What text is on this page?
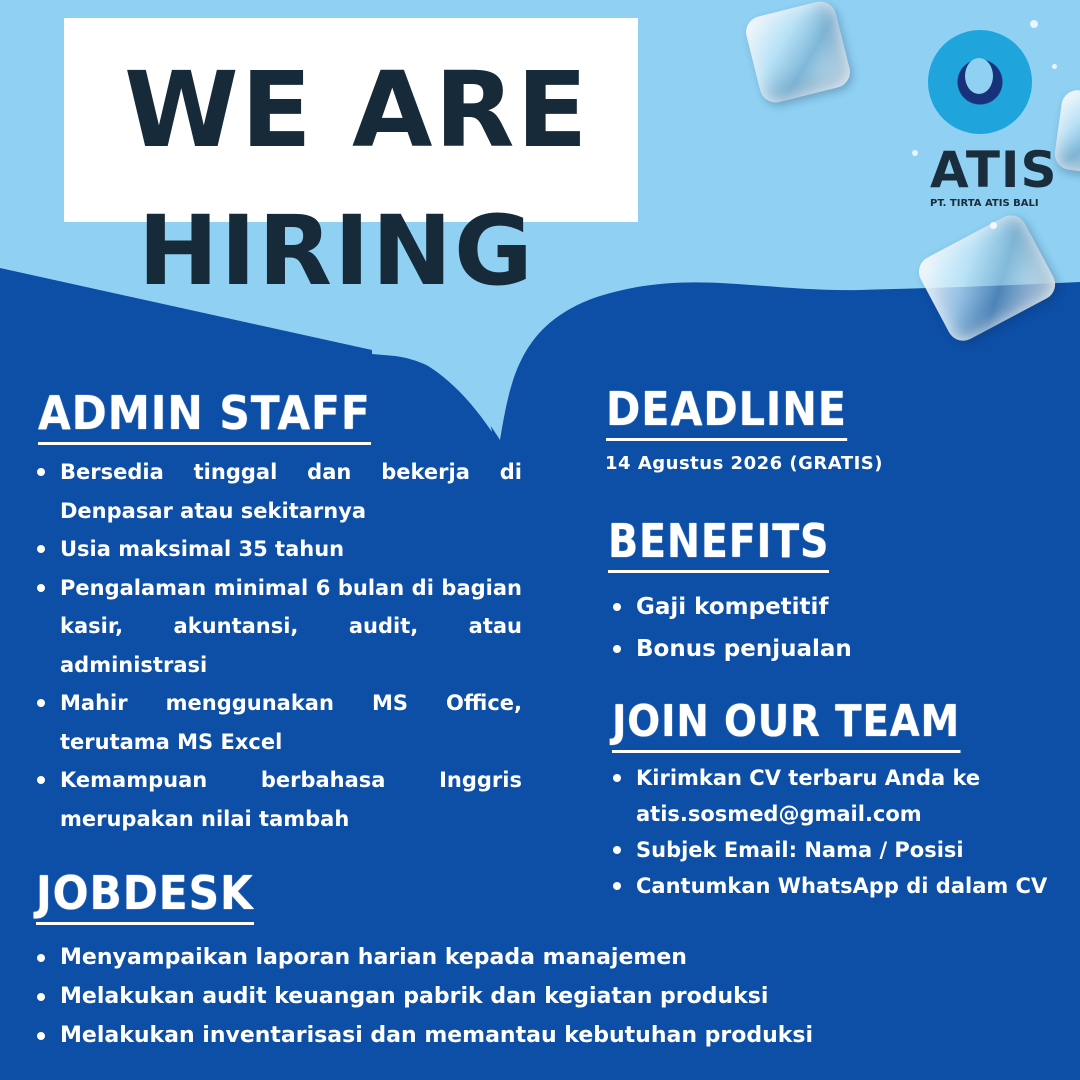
WE ARE
HIRING
ATIS
PT. TIRTA ATIS BALI
ADMIN STAFF
Bersedia tinggal dan bekerja di Denpasar atau sekitarnya
Usia maksimal 35 tahun
Pengalaman minimal 6 bulan di bagian kasir, akuntansi, audit, atau administrasi
Mahir menggunakan MS Office, terutama MS Excel
Kemampuan berbahasa Inggris merupakan nilai tambah
DEADLINE
14 Agustus 2026 (GRATIS)
BENEFITS
Gaji kompetitif
Bonus penjualan
JOIN OUR TEAM
Kirimkan CV terbaru Anda ke atis.sosmed@gmail.com
Subjek Email: Nama / Posisi
Cantumkan WhatsApp di dalam CV
JOBDESK
Menyampaikan laporan harian kepada manajemen
Melakukan audit keuangan pabrik dan kegiatan produksi
Melakukan inventarisasi dan memantau kebutuhan produksi
